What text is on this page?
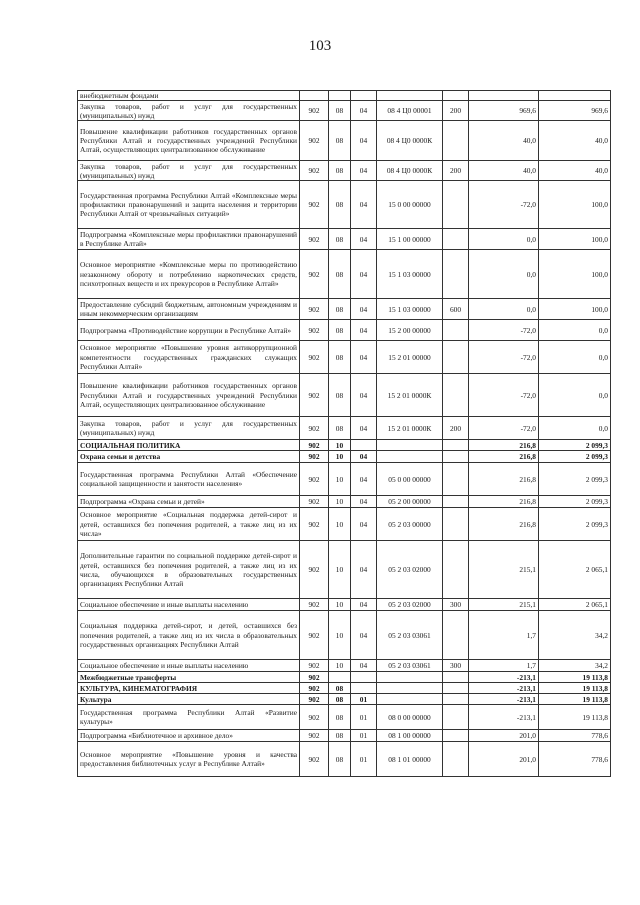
103
внебюджетным фондами							
Закупка товаров, работ и услуг для государственных (муниципальных) нужд	902	08	04	08 4 Ц0 00001	200	969,6	969,6
Повышение квалификации работников государственных органов Республики Алтай и государственных учреждений Республики Алтай, осуществляющих централизованное обслуживание	902	08	04	08 4 Ц0 0000К		40,0	40,0
Закупка товаров, работ и услуг для государственных (муниципальных) нужд	902	08	04	08 4 Ц0 0000К	200	40,0	40,0
Государственная программа Республики Алтай «Комплексные меры профилактики правонарушений и защита населения и территории Республики Алтай от чрезвычайных ситуаций»	902	08	04	15 0 00 00000		-72,0	100,0
Подпрограмма «Комплексные меры профилактики правонарушений в Республике Алтай»	902	08	04	15 1 00 00000		0,0	100,0
Основное мероприятие «Комплексные меры по противодействию незаконному обороту и потреблению наркотических средств, психотропных веществ и их прекурсоров в Республике Алтай»	902	08	04	15 1 03 00000		0,0	100,0
Предоставление субсидий бюджетным, автономным учреждениям и иным некоммерческим организациям	902	08	04	15 1 03 00000	600	0,0	100,0
Подпрограмма «Противодействие коррупции в Республике Алтай»	902	08	04	15 2 00 00000		-72,0	0,0
Основное мероприятие «Повышение уровня антикоррупционной компетентности государственных гражданских служащих Республики Алтай»	902	08	04	15 2 01 00000		-72,0	0,0
Повышение квалификации работников государственных органов Республики Алтай и государственных учреждений Республики Алтай, осуществляющих централизованное обслуживание	902	08	04	15 2 01 0000К		-72,0	0,0
Закупка товаров, работ и услуг для государственных (муниципальных) нужд	902	08	04	15 2 01 0000К	200	-72,0	0,0
СОЦИАЛЬНАЯ ПОЛИТИКА	902	10				216,8	2 099,3
Охрана семьи и детства	902	10	04			216,8	2 099,3
Государственная программа Республики Алтай «Обеспечение социальной защищенности и занятости населения»	902	10	04	05 0 00 00000		216,8	2 099,3
Подпрограмма «Охрана семьи и детей»	902	10	04	05 2 00 00000		216,8	2 099,3
Основное мероприятие «Социальная поддержка детей-сирот и детей, оставшихся без попечения родителей, а также лиц из их числа»	902	10	04	05 2 03 00000		216,8	2 099,3
Дополнительные гарантии по социальной поддержке детей-сирот и детей, оставшихся без попечения родителей, а также лиц из их числа, обучающихся в образовательных государственных организациях Республики Алтай	902	10	04	05 2 03 02000		215,1	2 065,1
Социальное обеспечение и иные выплаты населению	902	10	04	05 2 03 02000	300	215,1	2 065,1
Социальная поддержка детей-сирот, и детей, оставшихся без попечения родителей, а также лиц из их числа в образовательных государственных организациях Республики Алтай	902	10	04	05 2 03 03061		1,7	34,2
Социальное обеспечение и иные выплаты населению	902	10	04	05 2 03 03061	300	1,7	34,2
Межбюджетные трансферты	902					-213,1	19 113,8
КУЛЬТУРА, КИНЕМАТОГРАФИЯ	902	08				-213,1	19 113,8
Культура	902	08	01			-213,1	19 113,8
Государственная программа Республики Алтай «Развитие культуры»	902	08	01	08 0 00 00000		-213,1	19 113,8
Подпрограмма «Библиотечное и архивное дело»	902	08	01	08 1 00 00000		201,0	778,6
Основное мероприятие «Повышение уровня и качества предоставления библиотечных услуг в Республике Алтай»	902	08	01	08 1 01 00000		201,0	778,6
